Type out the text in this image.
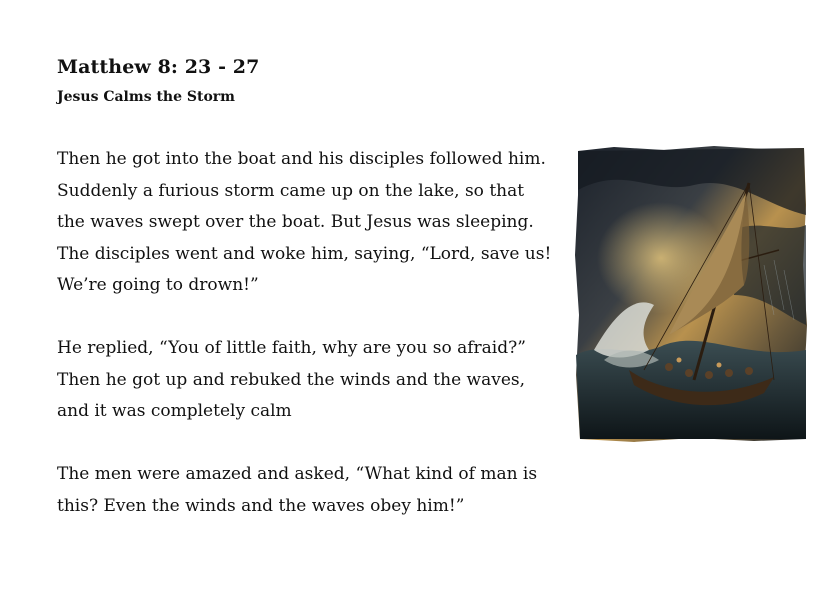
Matthew 8: 23 - 27
Jesus Calms the Storm

Then he got into the boat and his disciples followed him. Suddenly a furious storm came up on the lake, so that the waves swept over the boat. But Jesus was sleeping. The disciples went and woke him, saying, “Lord, save us! We’re going to drown!”

He replied, “You of little faith, why are you so afraid?” Then he got up and rebuked the winds and the waves, and it was completely calm

The men were amazed and asked, “What kind of man is this? Even the winds and the waves obey him!”
